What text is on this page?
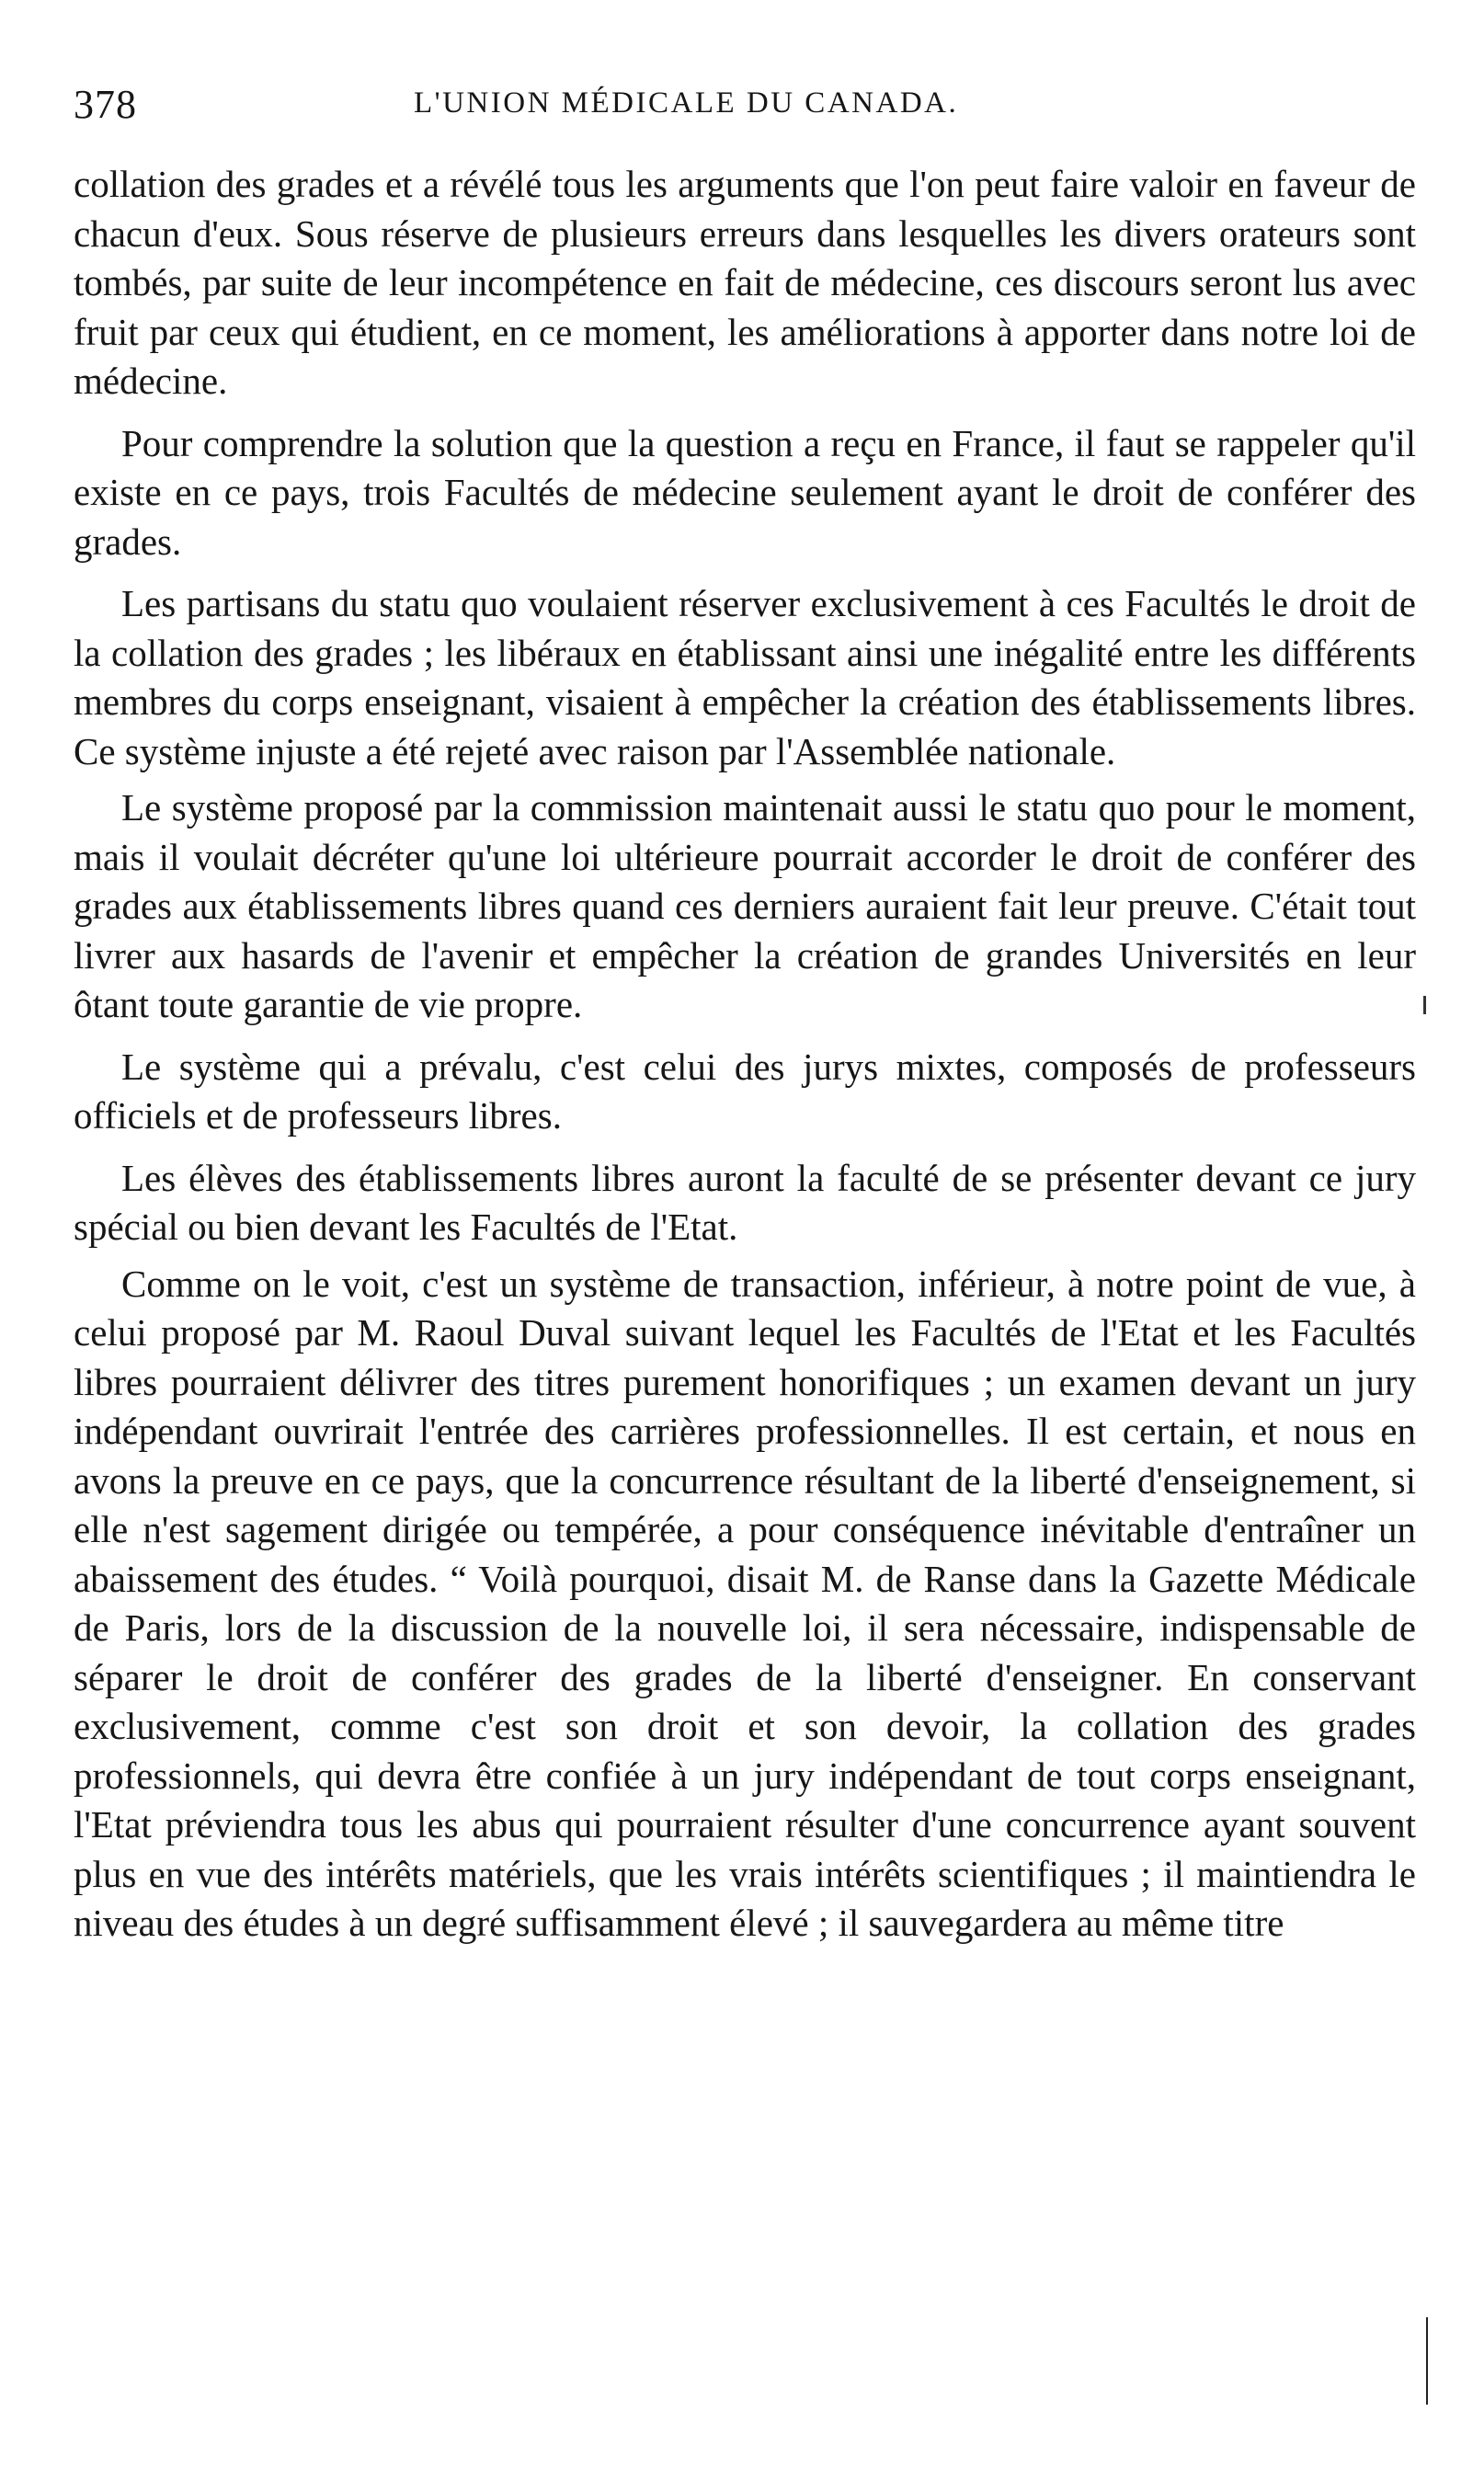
378	L'UNION MÉDICALE DU CANADA.

collation des grades et a révélé tous les arguments que l'on peut faire valoir en faveur de chacun d'eux. Sous réserve de plusieurs erreurs dans lesquelles les divers orateurs sont tombés, par suite de leur incompétence en fait de médecine, ces discours seront lus avec fruit par ceux qui étudient, en ce moment, les améliorations à apporter dans notre loi de médecine.

Pour comprendre la solution que la question a reçu en France, il faut se rappeler qu'il existe en ce pays, trois Facultés de médecine seulement ayant le droit de conférer des grades.

Les partisans du statu quo voulaient réserver exclusivement à ces Facultés le droit de la collation des grades ; les libéraux en établissant ainsi une inégalité entre les différents membres du corps enseignant, visaient à empêcher la création des établissements libres. Ce système injuste a été rejeté avec raison par l'Assemblée nationale.

Le système proposé par la commission maintenait aussi le statu quo pour le moment, mais il voulait décréter qu'une loi ultérieure pourrait accorder le droit de conférer des grades aux établissements libres quand ces derniers auraient fait leur preuve. C'était tout livrer aux hasards de l'avenir et empêcher la création de grandes Universités en leur ôtant toute garantie de vie propre.

Le système qui a prévalu, c'est celui des jurys mixtes, composés de professeurs officiels et de professeurs libres.

Les élèves des établissements libres auront la faculté de se présenter devant ce jury spécial ou bien devant les Facultés de l'Etat.

Comme on le voit, c'est un système de transaction, inférieur, à notre point de vue, à celui proposé par M. Raoul Duval suivant lequel les Facultés de l'Etat et les Facultés libres pourraient délivrer des titres purement honorifiques ; un examen devant un jury indépendant ouvrirait l'entrée des carrières professionnelles. Il est certain, et nous en avons la preuve en ce pays, que la concurrence résultant de la liberté d'enseignement, si elle n'est sagement dirigée ou tempérée, a pour conséquence inévitable d'entraîner un abaissement des études. “ Voilà pourquoi, disait M. de Ranse dans la Gazette Médicale de Paris, lors de la discussion de la nouvelle loi, il sera nécessaire, indispensable de séparer le droit de conférer des grades de la liberté d'enseigner. En conservant exclusivement, comme c'est son droit et son devoir, la collation des grades professionnels, qui devra être confiée à un jury indépendant de tout corps enseignant, l'Etat préviendra tous les abus qui pourraient résulter d'une concurrence ayant souvent plus en vue des intérêts matériels, que les vrais intérêts scientifiques ; il maintiendra le niveau des études à un degré suffisamment élevé ; il sauvegardera au même titre
